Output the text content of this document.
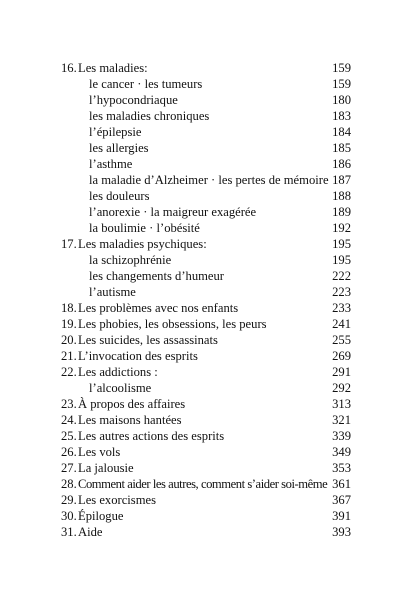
16. Les maladies:	159
le cancer · les tumeurs	159
l’hypocondriaque	180
les maladies chroniques	183
l’épilepsie	184
les allergies	185
l’asthme	186
la maladie d’Alzheimer · les pertes de mémoire 187
les douleurs	188
l’anorexie · la maigreur exagérée	189
la boulimie · l’obésité	192
17. Les maladies psychiques:	195
la schizophrénie	195
les changements d’humeur	222
l’autisme	223
18. Les problèmes avec nos enfants	233
19. Les phobies, les obsessions, les peurs	241
20. Les suicides, les assassinats	255
21. L’invocation des esprits	269
22. Les addictions :	291
l’alcoolisme	292
23. À propos des affaires	313
24. Les maisons hantées	321
25. Les autres actions des esprits	339
26. Les vols	349
27. La jalousie	353
28. Comment aider les autres, comment s’aider soi-même 361
29. Les exorcismes	367
30. Épilogue	391
31. Aide	393
